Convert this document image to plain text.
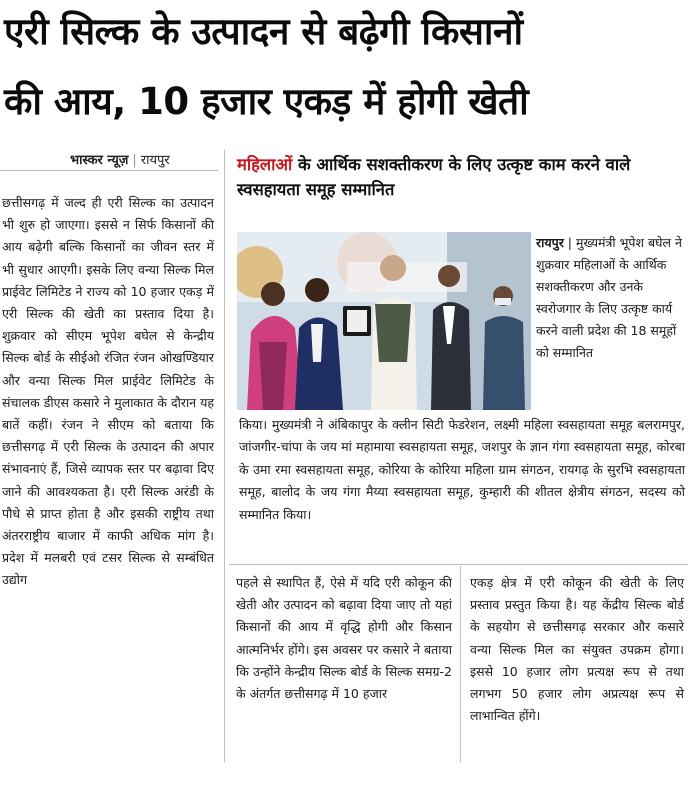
एरी सिल्क के उत्पादन से बढ़ेगी किसानों
की आय, 10 हजार एकड़ में होगी खेती
भास्कर न्यूज़ | रायपुर

छत्तीसगढ़ में जल्द ही एरी सिल्क का उत्पादन भी शुरु हो जाएगा। इससे न सिर्फ किसानों की आय बढ़ेगी बल्कि किसानों का जीवन स्तर में भी सुधार आएगी। इसके लिए वन्या सिल्क मिल प्राईवेट लिमिटेड ने राज्य को 10 हजार एकड़ में एरी सिल्क की खेती का प्रस्ताव दिया है। शुक्रवार को सीएम भूपेश बघेल से केन्द्रीय सिल्क बोर्ड के सीईओ रंजित रंजन ओखण्डियार और वन्या सिल्क मिल प्राईवेट लिमिटेड के संचालक डीएस कसारे ने मुलाकात के दौरान यह बातें कहीं। रंजन ने सीएम को बताया कि छत्तीसगढ़ में एरी सिल्क के उत्पादन की अपार संभावनाएं हैं, जिसे व्यापक स्तर पर बढ़ावा दिए जाने की आवश्यकता है। एरी सिल्क अरंडी के पौधे से प्राप्त होता है और इसकी राष्ट्रीय तथा अंतरराष्ट्रीय बाजार में काफी अधिक मांग है। प्रदेश में मलबरी एवं टसर सिल्क से सम्बंधित उद्योग

महिलाओं के आर्थिक सशक्तीकरण के लिए उत्कृष्ट काम करने वाले स्वसहायता समूह सम्मानित

रायपुर | मुख्यमंत्री भूपेश बघेल ने शुक्रवार महिलाओं के आर्थिक सशक्तीकरण और उनके स्वरोजगार के लिए उत्कृष्ट कार्य करने वाली प्रदेश की 18 समूहों को सम्मानित

किया। मुख्यमंत्री ने अंबिकापुर के क्लीन सिटी फेडरेशन, लक्ष्मी महिला स्वसहायता समूह बलरामपुर, जांजगीर-चांपा के जय मां महामाया स्वसहायता समूह, जशपुर के ज्ञान गंगा स्वसहायता समूह, कोरबा के उमा रमा स्वसहायता समूह, कोरिया के कोरिया महिला ग्राम संगठन, रायगढ़ के सुरभि स्वसहायता समूह, बालोद के जय गंगा मैय्या स्वसहायता समूह, कुम्हारी की शीतल क्षेत्रीय संगठन, सदस्य को सम्मानित किया।

पहले से स्थापित हैं, ऐसे में यदि एरी कोकून की खेती और उत्पादन को बढ़ावा दिया जाए तो यहां किसानों की आय में वृद्धि होगी और किसान आत्मनिर्भर होंगे। इस अवसर पर कसारे ने बताया कि उन्होंने केन्द्रीय सिल्क बोर्ड के सिल्क समग्र-2 के अंतर्गत छत्तीसगढ़ में 10 हजार

एकड़ क्षेत्र में एरी कोकून की खेती के लिए प्रस्ताव प्रस्तुत किया है। यह केंद्रीय सिल्क बोर्ड के सहयोग से छत्तीसगढ़ सरकार और कसारे वन्या सिल्क मिल का संयुक्त उपक्रम होगा। इससे 10 हजार लोग प्रत्यक्ष रूप से तथा लगभग 50 हजार लोग अप्रत्यक्ष रूप से लाभान्वित होंगे।
